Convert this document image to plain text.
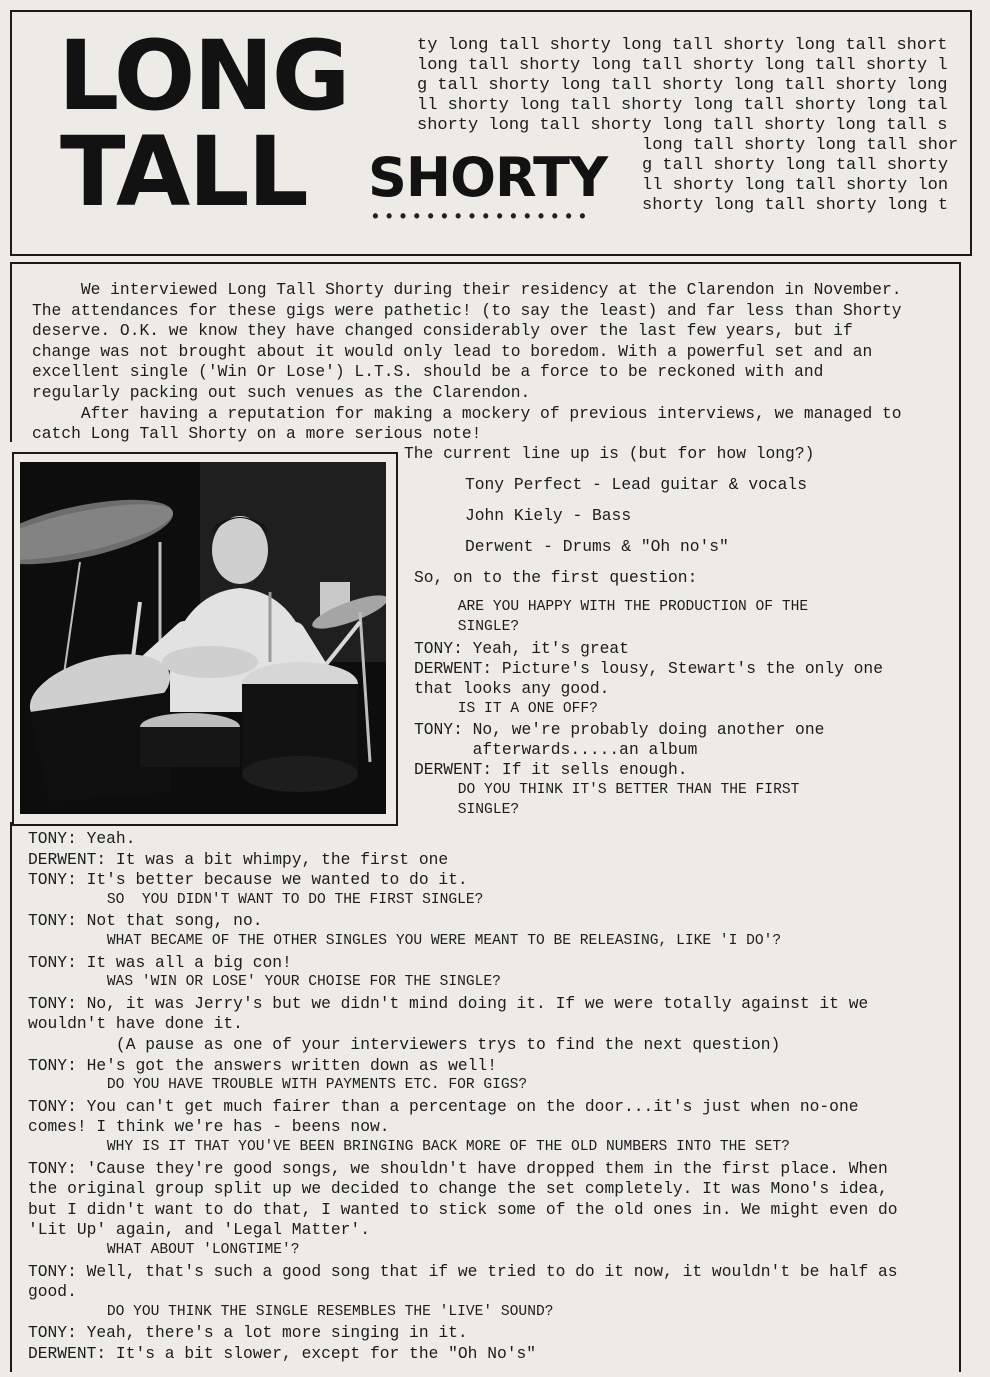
ty long tall shorty long tall shorty long tall short
long tall shorty long tall shorty long tall shorty l
g tall shorty long tall shorty long tall shorty long
ll shorty long tall shorty long tall shorty long tal
shorty long tall shorty long tall shorty long tall s
long tall shorty long tall shor
g tall shorty long tall shorty
ll shorty long tall shorty lon
shorty long tall shorty long t
LONG
TALL SHORTY
••••••••••••••••
We interviewed Long Tall Shorty during their residency at the Clarendon in November.
The attendances for these gigs were pathetic! (to say the least) and far less than Shorty
deserve. O.K. we know they have changed considerably over the last few years, but if
change was not brought about it would only lead to boredom. With a powerful set and an
excellent single ('Win Or Lose') L.T.S. should be a force to be reckoned with and
regularly packing out such venues as the Clarendon.
After having a reputation for making a mockery of previous interviews, we managed to
catch Long Tall Shorty on a more serious note!
The current line up is (but for how long?)
Tony Perfect - Lead guitar & vocals
John Kiely - Bass
Derwent - Drums & "Oh no's"
So, on to the first question:
ARE YOU HAPPY WITH THE PRODUCTION OF THE
SINGLE?
TONY: Yeah, it's great
DERWENT: Picture's lousy, Stewart's the only one
that looks any good.
IS IT A ONE OFF?
TONY: No, we're probably doing another one
afterwards.....an album
DERWENT: If it sells enough.
DO YOU THINK IT'S BETTER THAN THE FIRST
SINGLE?
TONY: Yeah.
DERWENT: It was a bit whimpy, the first one
TONY: It's better because we wanted to do it.
SO  YOU DIDN'T WANT TO DO THE FIRST SINGLE?
TONY: Not that song, no.
WHAT BECAME OF THE OTHER SINGLES YOU WERE MEANT TO BE RELEASING, LIKE 'I DO'?
TONY: It was all a big con!
WAS 'WIN OR LOSE' YOUR CHOISE FOR THE SINGLE?
TONY: No, it was Jerry's but we didn't mind doing it. If we were totally against it we
wouldn't have done it.
(A pause as one of your interviewers trys to find the next question)
TONY: He's got the answers written down as well!
DO YOU HAVE TROUBLE WITH PAYMENTS ETC. FOR GIGS?
TONY: You can't get much fairer than a percentage on the door...it's just when no-one
comes! I think we're has - beens now.
WHY IS IT THAT YOU'VE BEEN BRINGING BACK MORE OF THE OLD NUMBERS INTO THE SET?
TONY: 'Cause they're good songs, we shouldn't have dropped them in the first place. When
the original group split up we decided to change the set completely. It was Mono's idea,
but I didn't want to do that, I wanted to stick some of the old ones in. We might even do
'Lit Up' again, and 'Legal Matter'.
WHAT ABOUT 'LONGTIME'?
TONY: Well, that's such a good song that if we tried to do it now, it wouldn't be half as
good.
DO YOU THINK THE SINGLE RESEMBLES THE 'LIVE' SOUND?
TONY: Yeah, there's a lot more singing in it.
DERWENT: It's a bit slower, except for the "Oh No's"
